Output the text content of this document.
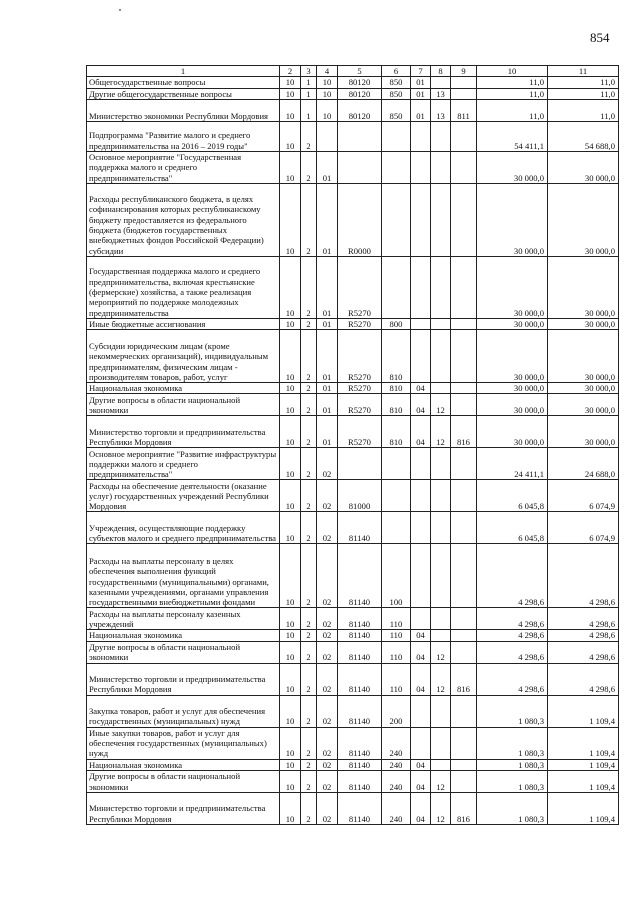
854
1	2	3	4	5	6	7	8	9	10	11
Общегосударственные вопросы	10	1	10	80120	850	01			11,0	11,0
Другие общегосударственные вопросы	10	1	10	80120	850	01	13		11,0	11,0
Министерство экономики Республики Мордовия	10	1	10	80120	850	01	13	811	11,0	11,0
Подпрограмма "Развитие малого и среднего предпринимательства на 2016 – 2019 годы"	10	2							54 411,1	54 688,0
Основное мероприятие "Государственная поддержка малого и среднего предпринимательства"	10	2	01						30 000,0	30 000,0
Расходы республиканского бюджета, в целях софинансирования которых республиканскому бюджету предоставляется из федерального бюджета (бюджетов государственных внебюджетных фондов Российской Федерации) субсидии	10	2	01	R0000					30 000,0	30 000,0
Государственная поддержка малого и среднего предпринимательства, включая крестьянские (фермерские) хозяйства, а также реализация мероприятий по поддержке молодежных предпринимательства	10	2	01	R5270					30 000,0	30 000,0
Иные бюджетные ассигнования	10	2	01	R5270	800				30 000,0	30 000,0
Субсидии юридическим лицам (кроме некоммерческих организаций), индивидуальным предпринимателям, физическим лицам - производителям товаров, работ, услуг	10	2	01	R5270	810				30 000,0	30 000,0
Национальная экономика	10	2	01	R5270	810	04			30 000,0	30 000,0
Другие вопросы в области национальной экономики	10	2	01	R5270	810	04	12		30 000,0	30 000,0
Министерство торговли и предпринимательства Республики Мордовия	10	2	01	R5270	810	04	12	816	30 000,0	30 000,0
Основное мероприятие "Развитие инфраструктуры поддержки малого и среднего предпринимательства"	10	2	02						24 411,1	24 688,0
Расходы на обеспечение деятельности (оказание услуг) государственных учреждений Республики Мордовия	10	2	02	81000					6 045,8	6 074,9
Учреждения, осуществляющие поддержку субъектов малого и среднего предпринимательства	10	2	02	81140					6 045,8	6 074,9
Расходы на выплаты персоналу в целях обеспечения выполнения функций государственными (муниципальными) органами, казенными учреждениями, органами управления государственными внебюджетными фондами	10	2	02	81140	100				4 298,6	4 298,6
Расходы на выплаты персоналу казенных учреждений	10	2	02	81140	110				4 298,6	4 298,6
Национальная экономика	10	2	02	81140	110	04			4 298,6	4 298,6
Другие вопросы в области национальной экономики	10	2	02	81140	110	04	12		4 298,6	4 298,6
Министерство торговли и предпринимательства Республики Мордовия	10	2	02	81140	110	04	12	816	4 298,6	4 298,6
Закупка товаров, работ и услуг для обеспечения государственных (муниципальных) нужд	10	2	02	81140	200				1 080,3	1 109,4
Иные закупки товаров, работ и услуг для обеспечения государственных (муниципальных) нужд	10	2	02	81140	240				1 080,3	1 109,4
Национальная экономика	10	2	02	81140	240	04			1 080,3	1 109,4
Другие вопросы в области национальной экономики	10	2	02	81140	240	04	12		1 080,3	1 109,4
Министерство торговли и предпринимательства Республики Мордовия	10	2	02	81140	240	04	12	816	1 080,3	1 109,4
